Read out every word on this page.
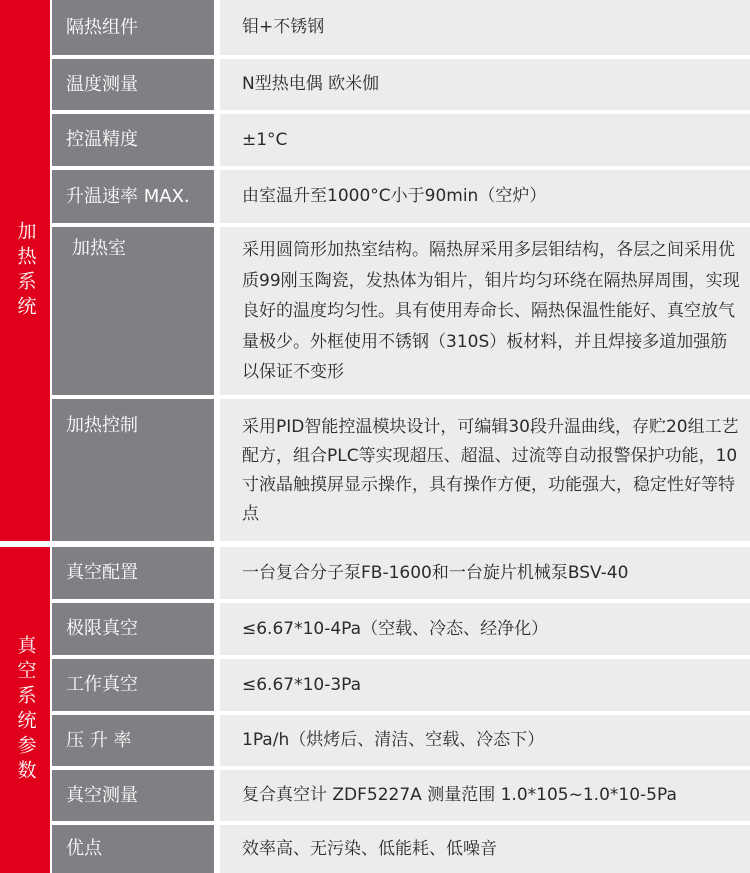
加热系统
真空系统参数
隔热组件	钼+不锈钢
温度测量	N型热电偶 欧米伽
控温精度	±1°C
升温速率 MAX.	由室温升至1000°C小于90min（空炉）
加热室	采用圆筒形加热室结构。隔热屏采用多层钼结构，各层之间采用优质99刚玉陶瓷，发热体为钼片，钼片均匀环绕在隔热屏周围，实现良好的温度均匀性。具有使用寿命长、隔热保温性能好、真空放气量极少。外框使用不锈钢（310S）板材料，并且焊接多道加强筋以保证不变形
加热控制	采用PID智能控温模块设计，可编辑30段升温曲线，存贮20组工艺配方，组合PLC等实现超压、超温、过流等自动报警保护功能，10寸液晶触摸屏显示操作，具有操作方便，功能强大，稳定性好等特点
真空配置	一台复合分子泵FB-1600和一台旋片机械泵BSV-40
极限真空	≤6.67*10-4Pa（空载、冷态、经净化）
工作真空	≤6.67*10-3Pa
压 升 率	1Pa/h（烘烤后、清洁、空载、冷态下）
真空测量	复合真空计 ZDF5227A 测量范围 1.0*105~1.0*10-5Pa
优点	效率高、无污染、低能耗、低噪音
